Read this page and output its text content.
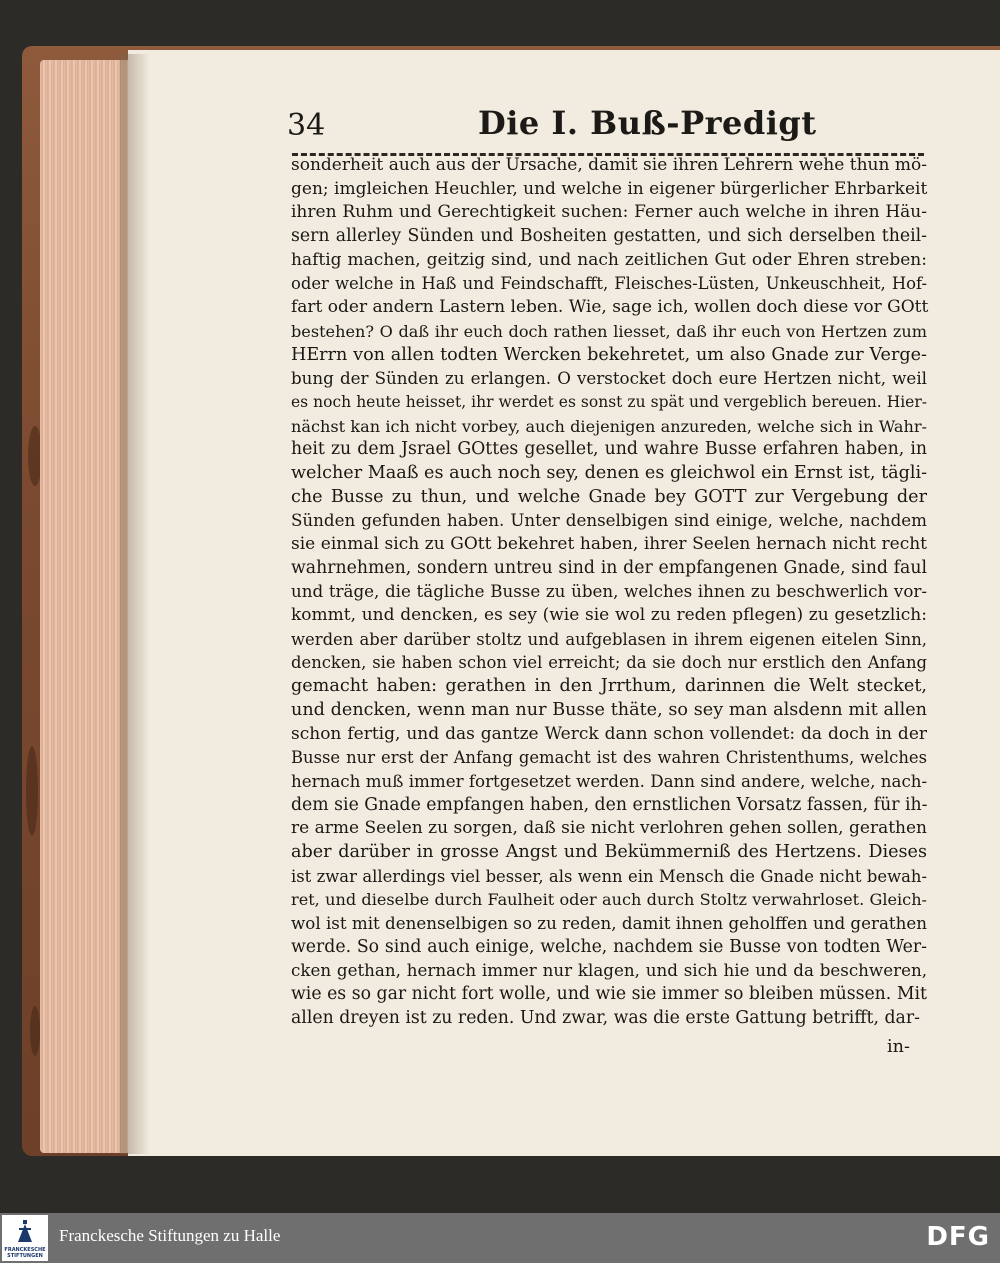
34	Die I. Buß-Predigt
sonderheit auch aus der Ursache, damit sie ihren Lehrern wehe thun mö-
gen; imgleichen Heuchler, und welche in eigener bürgerlicher Ehrbarkeit
ihren Ruhm und Gerechtigkeit suchen: Ferner auch welche in ihren Häu-
sern allerley Sünden und Bosheiten gestatten, und sich derselben theil-
haftig machen, geitzig sind, und nach zeitlichen Gut oder Ehren streben:
oder welche in Haß und Feindschafft, Fleisches-Lüsten, Unkeuschheit, Hof-
fart oder andern Lastern leben. Wie, sage ich, wollen doch diese vor GOtt
bestehen? O daß ihr euch doch rathen liesset, daß ihr euch von Hertzen zum
HErrn von allen todten Wercken bekehretet, um also Gnade zur Verge-
bung der Sünden zu erlangen. O verstocket doch eure Hertzen nicht, weil
es noch heute heisset, ihr werdet es sonst zu spät und vergeblich bereuen. Hier-
nächst kan ich nicht vorbey, auch diejenigen anzureden, welche sich in Wahr-
heit zu dem Jsrael GOttes gesellet, und wahre Busse erfahren haben, in
welcher Maaß es auch noch sey, denen es gleichwol ein Ernst ist, tägli-
che Busse zu thun, und welche Gnade bey GOTT zur Vergebung der
Sünden gefunden haben. Unter denselbigen sind einige, welche, nachdem
sie einmal sich zu GOtt bekehret haben, ihrer Seelen hernach nicht recht
wahrnehmen, sondern untreu sind in der empfangenen Gnade, sind faul
und träge, die tägliche Busse zu üben, welches ihnen zu beschwerlich vor-
kommt, und dencken, es sey (wie sie wol zu reden pflegen) zu gesetzlich:
werden aber darüber stoltz und aufgeblasen in ihrem eigenen eitelen Sinn,
dencken, sie haben schon viel erreicht; da sie doch nur erstlich den Anfang
gemacht haben: gerathen in den Jrrthum, darinnen die Welt stecket,
und dencken, wenn man nur Busse thäte, so sey man alsdenn mit allen
schon fertig, und das gantze Werck dann schon vollendet: da doch in der
Busse nur erst der Anfang gemacht ist des wahren Christenthums, welches
hernach muß immer fortgesetzet werden. Dann sind andere, welche, nach-
dem sie Gnade empfangen haben, den ernstlichen Vorsatz fassen, für ih-
re arme Seelen zu sorgen, daß sie nicht verlohren gehen sollen, gerathen
aber darüber in grosse Angst und Bekümmerniß des Hertzens. Dieses
ist zwar allerdings viel besser, als wenn ein Mensch die Gnade nicht bewah-
ret, und dieselbe durch Faulheit oder auch durch Stoltz verwahrloset. Gleich-
wol ist mit denenselbigen so zu reden, damit ihnen geholffen und gerathen
werde. So sind auch einige, welche, nachdem sie Busse von todten Wer-
cken gethan, hernach immer nur klagen, und sich hie und da beschweren,
wie es so gar nicht fort wolle, und wie sie immer so bleiben müssen. Mit
allen dreyen ist zu reden. Und zwar, was die erste Gattung betrifft, dar-
in-
FRANCKESCHE STIFTUNGEN
Franckesche Stiftungen zu Halle	DFG
